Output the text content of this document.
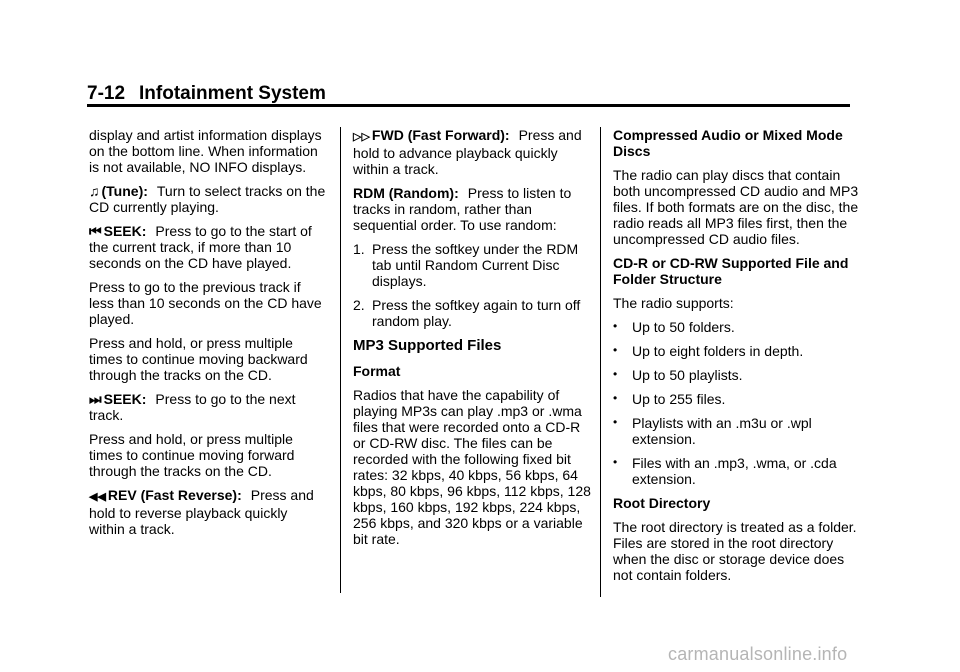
7-12 Infotainment System

display and artist information displays on the bottom line. When information is not available, NO INFO displays.

♫ (Tune): Turn to select tracks on the CD currently playing.

⏮ SEEK: Press to go to the start of the current track, if more than 10 seconds on the CD have played.

Press to go to the previous track if less than 10 seconds on the CD have played.

Press and hold, or press multiple times to continue moving backward through the tracks on the CD.

⏭ SEEK: Press to go to the next track.

Press and hold, or press multiple times to continue moving forward through the tracks on the CD.

◀◀ REV (Fast Reverse): Press and hold to reverse playback quickly within a track.

▷▷ FWD (Fast Forward): Press and hold to advance playback quickly within a track.

RDM (Random): Press to listen to tracks in random, rather than sequential order. To use random:

1. Press the softkey under the RDM tab until Random Current Disc displays.
2. Press the softkey again to turn off random play.
MP3 Supported Files
Format

Radios that have the capability of playing MP3s can play .mp3 or .wma files that were recorded onto a CD-R or CD-RW disc. The files can be recorded with the following fixed bit rates: 32 kbps, 40 kbps, 56 kbps, 64 kbps, 80 kbps, 96 kbps, 112 kbps, 128 kbps, 160 kbps, 192 kbps, 224 kbps, 256 kbps, and 320 kbps or a variable bit rate.

Compressed Audio or Mixed Mode Discs

The radio can play discs that contain both uncompressed CD audio and MP3 files. If both formats are on the disc, the radio reads all MP3 files first, then the uncompressed CD audio files.

CD-R or CD-RW Supported File and Folder Structure

The radio supports:

• Up to 50 folders.
• Up to eight folders in depth.
• Up to 50 playlists.
• Up to 255 files.
• Playlists with an .m3u or .wpl extension.
• Files with an .mp3, .wma, or .cda extension.
Root Directory

The root directory is treated as a folder. Files are stored in the root directory when the disc or storage device does not contain folders.

carmanualsonline.info
